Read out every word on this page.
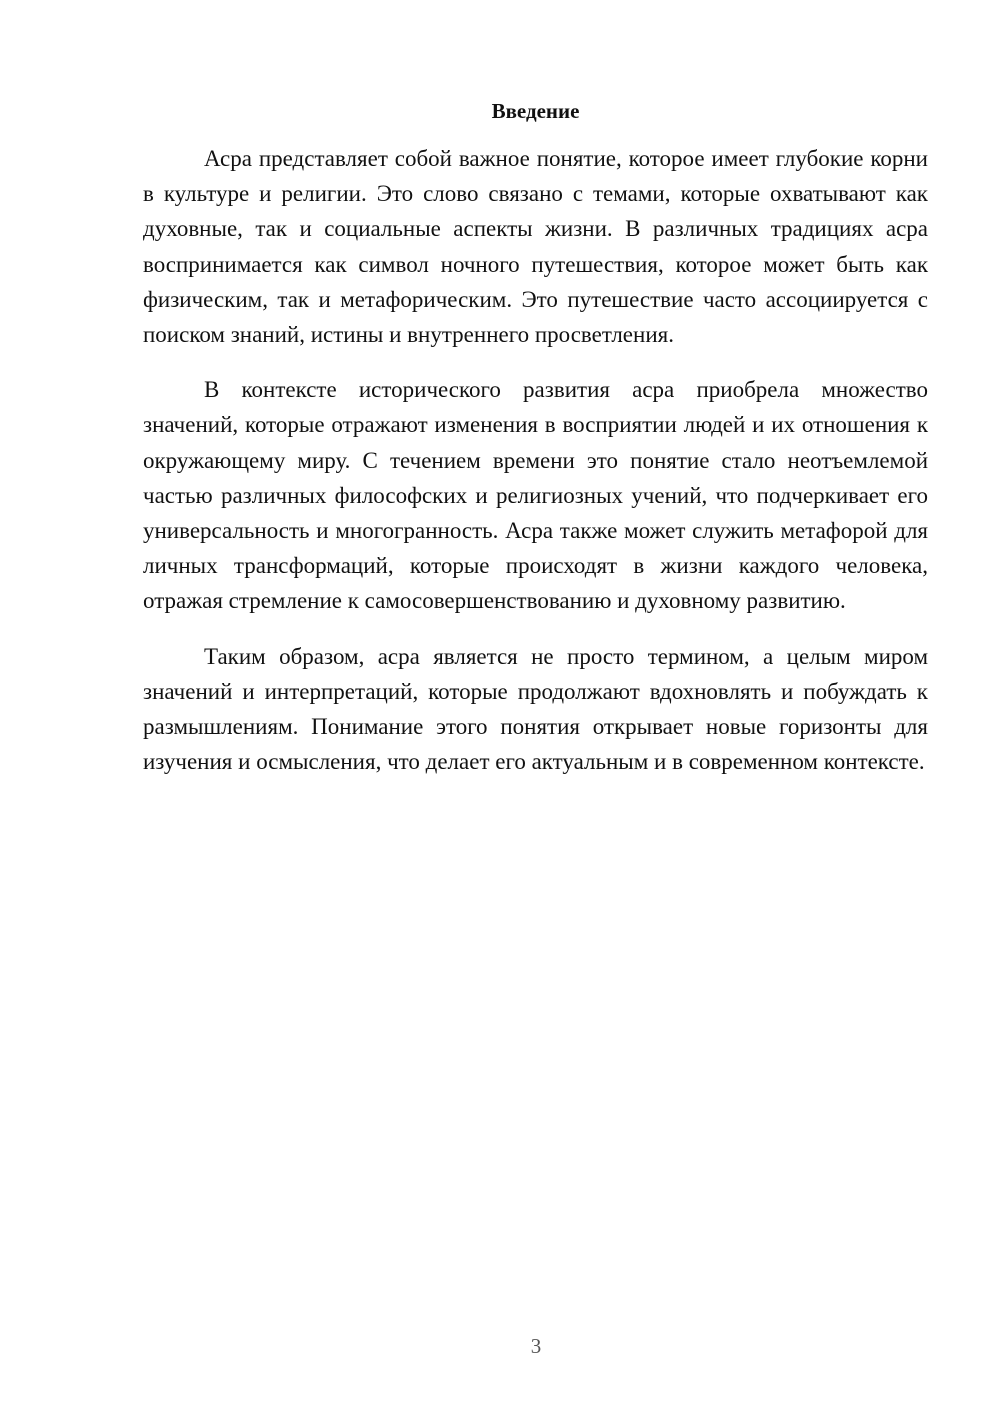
Введение

Асра представляет собой важное понятие, которое имеет глубокие корни в культуре и религии. Это слово связано с темами, которые охватывают как духовные, так и социальные аспекты жизни. В различных традициях асра воспринимается как символ ночного путешествия, которое может быть как физическим, так и метафорическим. Это путешествие часто ассоциируется с поиском знаний, истины и внутреннего просветления.

В контексте исторического развития асра приобрела множество значений, которые отражают изменения в восприятии людей и их отношения к окружающему миру. С течением времени это понятие стало неотъемлемой частью различных философских и религиозных учений, что подчеркивает его универсальность и многогранность. Асра также может служить метафорой для личных трансформаций, которые происходят в жизни каждого человека, отражая стремление к самосовершенствованию и духовному развитию.

Таким образом, асра является не просто термином, а целым миром значений и интерпретаций, которые продолжают вдохновлять и побуждать к размышлениям. Понимание этого понятия открывает новые горизонты для изучения и осмысления, что делает его актуальным и в современном контексте.

3
